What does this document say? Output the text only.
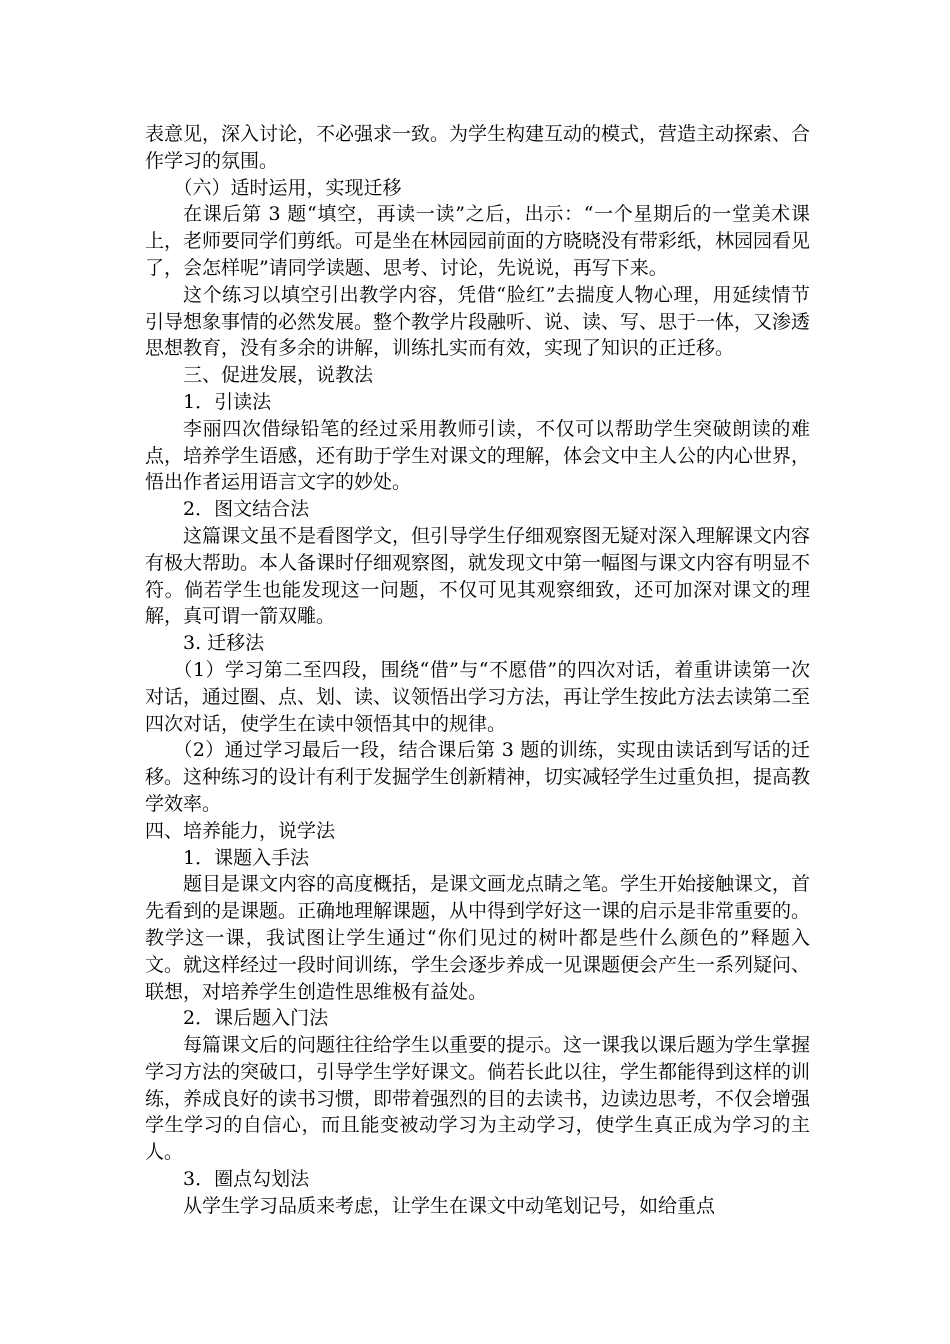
表意见，深入讨论，不必强求一致。为学生构建互动的模式，营造主动探索、合作学习的氛围。

（六）适时运用，实现迁移

在课后第 3 题“填空，再读一读”之后，出示：“一个星期后的一堂美术课上，老师要同学们剪纸。可是坐在林园园前面的方晓晓没有带彩纸，林园园看见了，会怎样呢”请同学读题、思考、讨论，先说说，再写下来。

这个练习以填空引出教学内容，凭借“脸红”去揣度人物心理，用延续情节引导想象事情的必然发展。整个教学片段融听、说、读、写、思于一体，又渗透思想教育，没有多余的讲解，训练扎实而有效，实现了知识的正迁移。

三、促进发展，说教法

1．引读法

李丽四次借绿铅笔的经过采用教师引读，不仅可以帮助学生突破朗读的难点，培养学生语感，还有助于学生对课文的理解，体会文中主人公的内心世界，悟出作者运用语言文字的妙处。

2．图文结合法

这篇课文虽不是看图学文，但引导学生仔细观察图无疑对深入理解课文内容有极大帮助。本人备课时仔细观察图，就发现文中第一幅图与课文内容有明显不符。倘若学生也能发现这一问题，不仅可见其观察细致，还可加深对课文的理解，真可谓一箭双雕。

3. 迁移法

（1）学习第二至四段，围绕“借”与“不愿借”的四次对话，着重讲读第一次对话，通过圈、点、划、读、议领悟出学习方法，再让学生按此方法去读第二至四次对话，使学生在读中领悟其中的规律。

（2）通过学习最后一段，结合课后第 3 题的训练，实现由读话到写话的迁移。这种练习的设计有利于发掘学生创新精神，切实减轻学生过重负担，提高教学效率。

四、培养能力，说学法

1．课题入手法

题目是课文内容的高度概括，是课文画龙点睛之笔。学生开始接触课文，首先看到的是课题。正确地理解课题，从中得到学好这一课的启示是非常重要的。教学这一课，我试图让学生通过“你们见过的树叶都是些什么颜色的”释题入文。就这样经过一段时间训练，学生会逐步养成一见课题便会产生一系列疑问、联想，对培养学生创造性思维极有益处。

2．课后题入门法

每篇课文后的问题往往给学生以重要的提示。这一课我以课后题为学生掌握学习方法的突破口，引导学生学好课文。倘若长此以往，学生都能得到这样的训练，养成良好的读书习惯，即带着强烈的目的去读书，边读边思考，不仅会增强学生学习的自信心，而且能变被动学习为主动学习，使学生真正成为学习的主人。

3．圈点勾划法

从学生学习品质来考虑，让学生在课文中动笔划记号，如给重点
